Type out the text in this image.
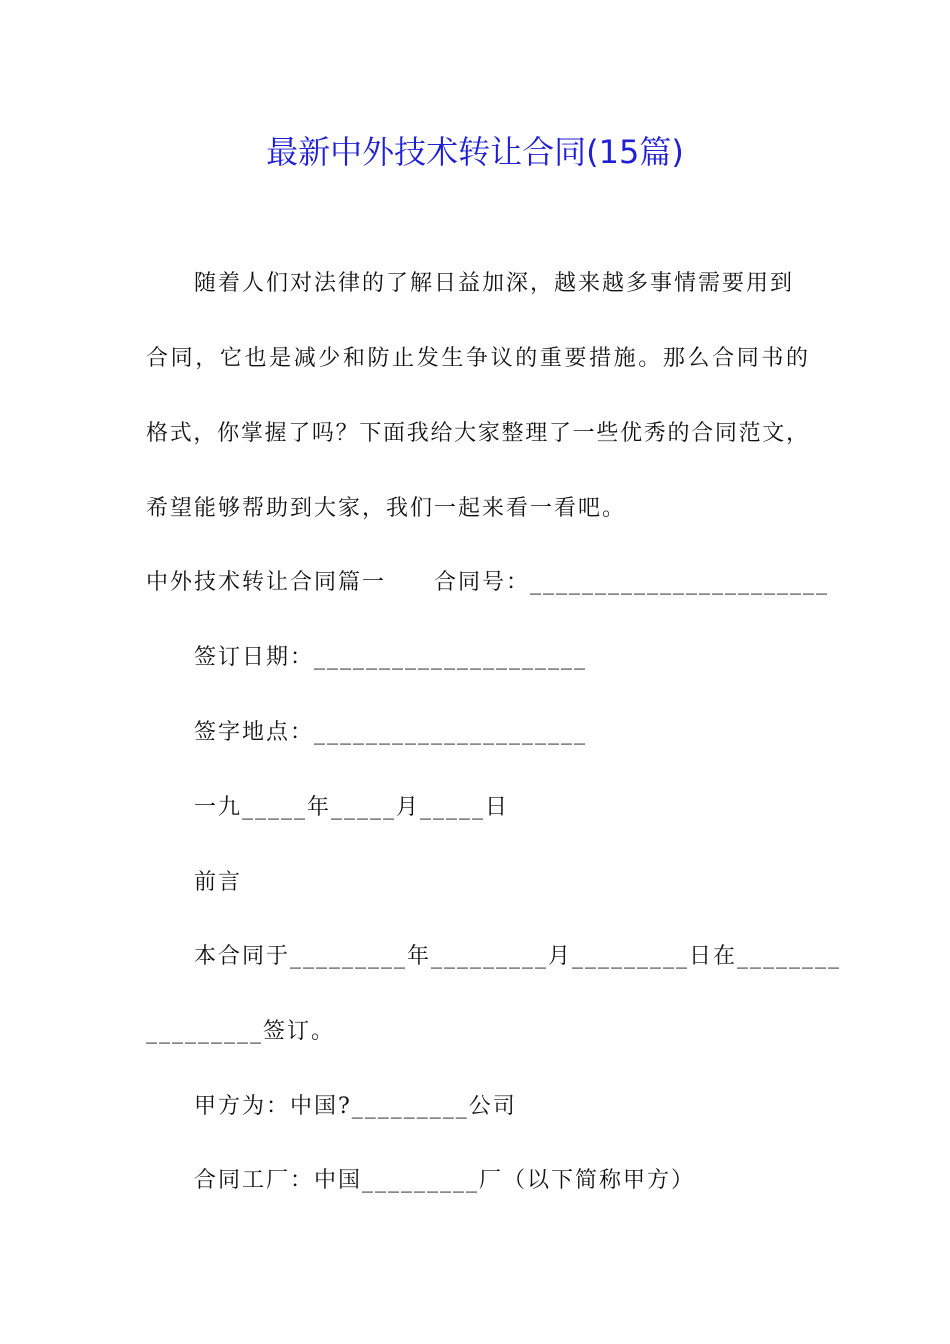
最新中外技术转让合同(15篇)
随着人们对法律的了解日益加深，越来越多事情需要用到
合同，它也是减少和防止发生争议的重要措施。那么合同书的
格式，你掌握了吗？下面我给大家整理了一些优秀的合同范文，
希望能够帮助到大家，我们一起来看一看吧。
中外技术转让合同篇一　　合同号：_______________________
签订日期：_____________________
签字地点：_____________________
一九_____年_____月_____日
前言
本合同于_________年_________月_________日在________
_________签订。
甲方为：中国?_________公司
合同工厂：中国_________厂（以下简称甲方）
